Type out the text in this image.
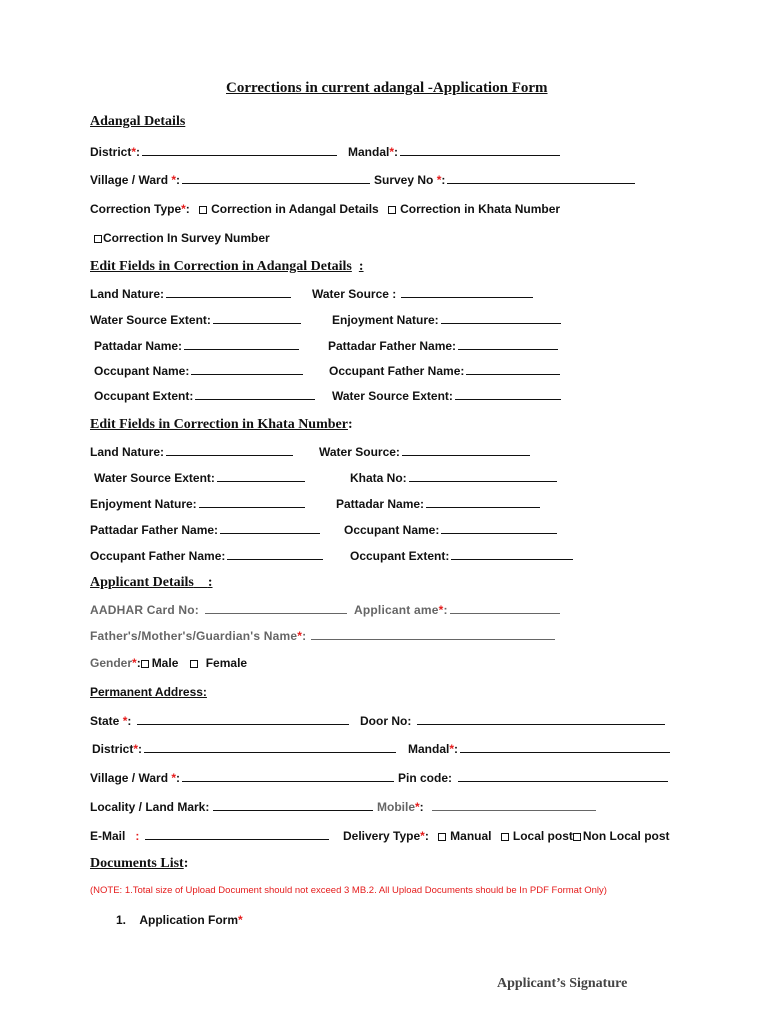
Corrections in current adangal -Application Form
Adangal Details
District*:	Mandal*:
Village / Ward *:	Survey No *:
Correction Type*: Correction in Adangal Details Correction in Khata Number
Correction In Survey Number
Edit Fields in Correction in Adangal Details :
Land Nature:	Water Source :
Water Source Extent:	Enjoyment Nature:
Pattadar Name:	Pattadar Father Name:
Occupant Name:	Occupant Father Name:
Occupant Extent:	Water Source Extent:
Edit Fields in Correction in Khata Number:
Land Nature:	Water Source:
Water Source Extent:	Khata No:
Enjoyment Nature:	Pattadar Name:
Pattadar Father Name:	Occupant Name:
Occupant Father Name:	Occupant Extent:
Applicant Details :
AADHAR Card No:	Applicant ame*:
Father's/Mother's/Guardian's Name*:
Gender*: Male Female
Permanent Address:
State *:	Door No:
District*:	Mandal*:
Village / Ward *:	Pin code:
Locality / Land Mark:	Mobile*:
E-Mail :	Delivery Type*: Manual Local post Non Local post
Documents List:
(NOTE: 1.Total size of Upload Document should not exceed 3 MB.2. All Upload Documents should be In PDF Format Only)
1. Application Form*
Applicant’s Signature
